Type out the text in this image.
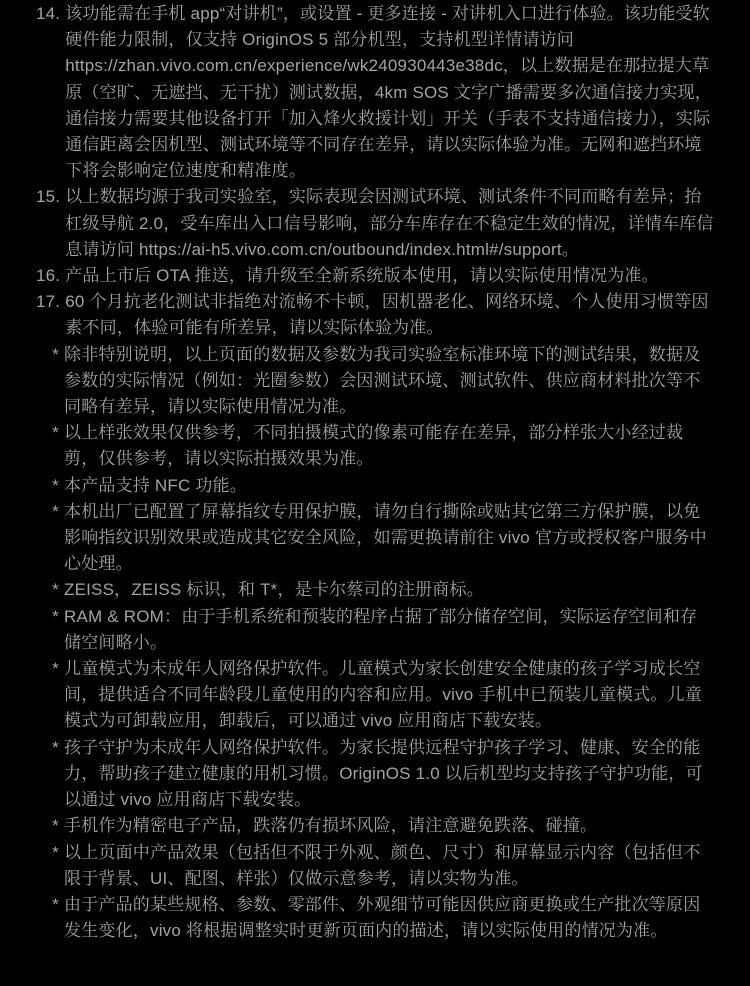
14. 该功能需在手机 app“对讲机”，或设置 - 更多连接 - 对讲机入口进行体验。该功能受软硬件能力限制，仅支持 OriginOS 5 部分机型，支持机型详情请访问 https://zhan.vivo.com.cn/experience/wk240930443e38dc，以上数据是在那拉提大草原（空旷、无遮挡、无干扰）测试数据，4km SOS 文字广播需要多次通信接力实现，通信接力需要其他设备打开「加入烽火救援计划」开关（手表不支持通信接力），实际通信距离会因机型、测试环境等不同存在差异，请以实际体验为准。无网和遮挡环境下将会影响定位速度和精准度。
15. 以上数据均源于我司实验室，实际表现会因测试环境、测试条件不同而略有差异；抬杠级导航 2.0，受车库出入口信号影响，部分车库存在不稳定生效的情况，详情车库信息请访问 https://ai-h5.vivo.com.cn/outbound/index.html#/support。
16. 产品上市后 OTA 推送，请升级至全新系统版本使用，请以实际使用情况为准。
17. 60 个月抗老化测试非指绝对流畅不卡顿，因机器老化、网络环境、个人使用习惯等因素不同，体验可能有所差异，请以实际体验为准。
* 除非特别说明，以上页面的数据及参数为我司实验室标准环境下的测试结果，数据及参数的实际情况（例如：光圈参数）会因测试环境、测试软件、供应商材料批次等不同略有差异，请以实际使用情况为准。
* 以上样张效果仅供参考，不同拍摄模式的像素可能存在差异，部分样张大小经过裁剪，仅供参考，请以实际拍摄效果为准。
* 本产品支持 NFC 功能。
* 本机出厂已配置了屏幕指纹专用保护膜，请勿自行撕除或贴其它第三方保护膜，以免影响指纹识别效果或造成其它安全风险，如需更换请前往 vivo 官方或授权客户服务中心处理。
* ZEISS，ZEISS 标识，和 T*，是卡尔蔡司的注册商标。
* RAM & ROM：由于手机系统和预装的程序占据了部分储存空间，实际运存空间和存储空间略小。
* 儿童模式为未成年人网络保护软件。儿童模式为家长创建安全健康的孩子学习成长空间，提供适合不同年龄段儿童使用的内容和应用。vivo 手机中已预装儿童模式。儿童模式为可卸载应用，卸载后，可以通过 vivo 应用商店下载安装。
* 孩子守护为未成年人网络保护软件。为家长提供远程守护孩子学习、健康、安全的能力，帮助孩子建立健康的用机习惯。OriginOS 1.0 以后机型均支持孩子守护功能，可以通过 vivo 应用商店下载安装。
* 手机作为精密电子产品，跌落仍有损坏风险，请注意避免跌落、碰撞。
* 以上页面中产品效果（包括但不限于外观、颜色、尺寸）和屏幕显示内容（包括但不限于背景、UI、配图、样张）仅做示意参考，请以实物为准。
* 由于产品的某些规格、参数、零部件、外观细节可能因供应商更换或生产批次等原因发生变化，vivo 将根据调整实时更新页面内的描述，请以实际使用的情况为准。
